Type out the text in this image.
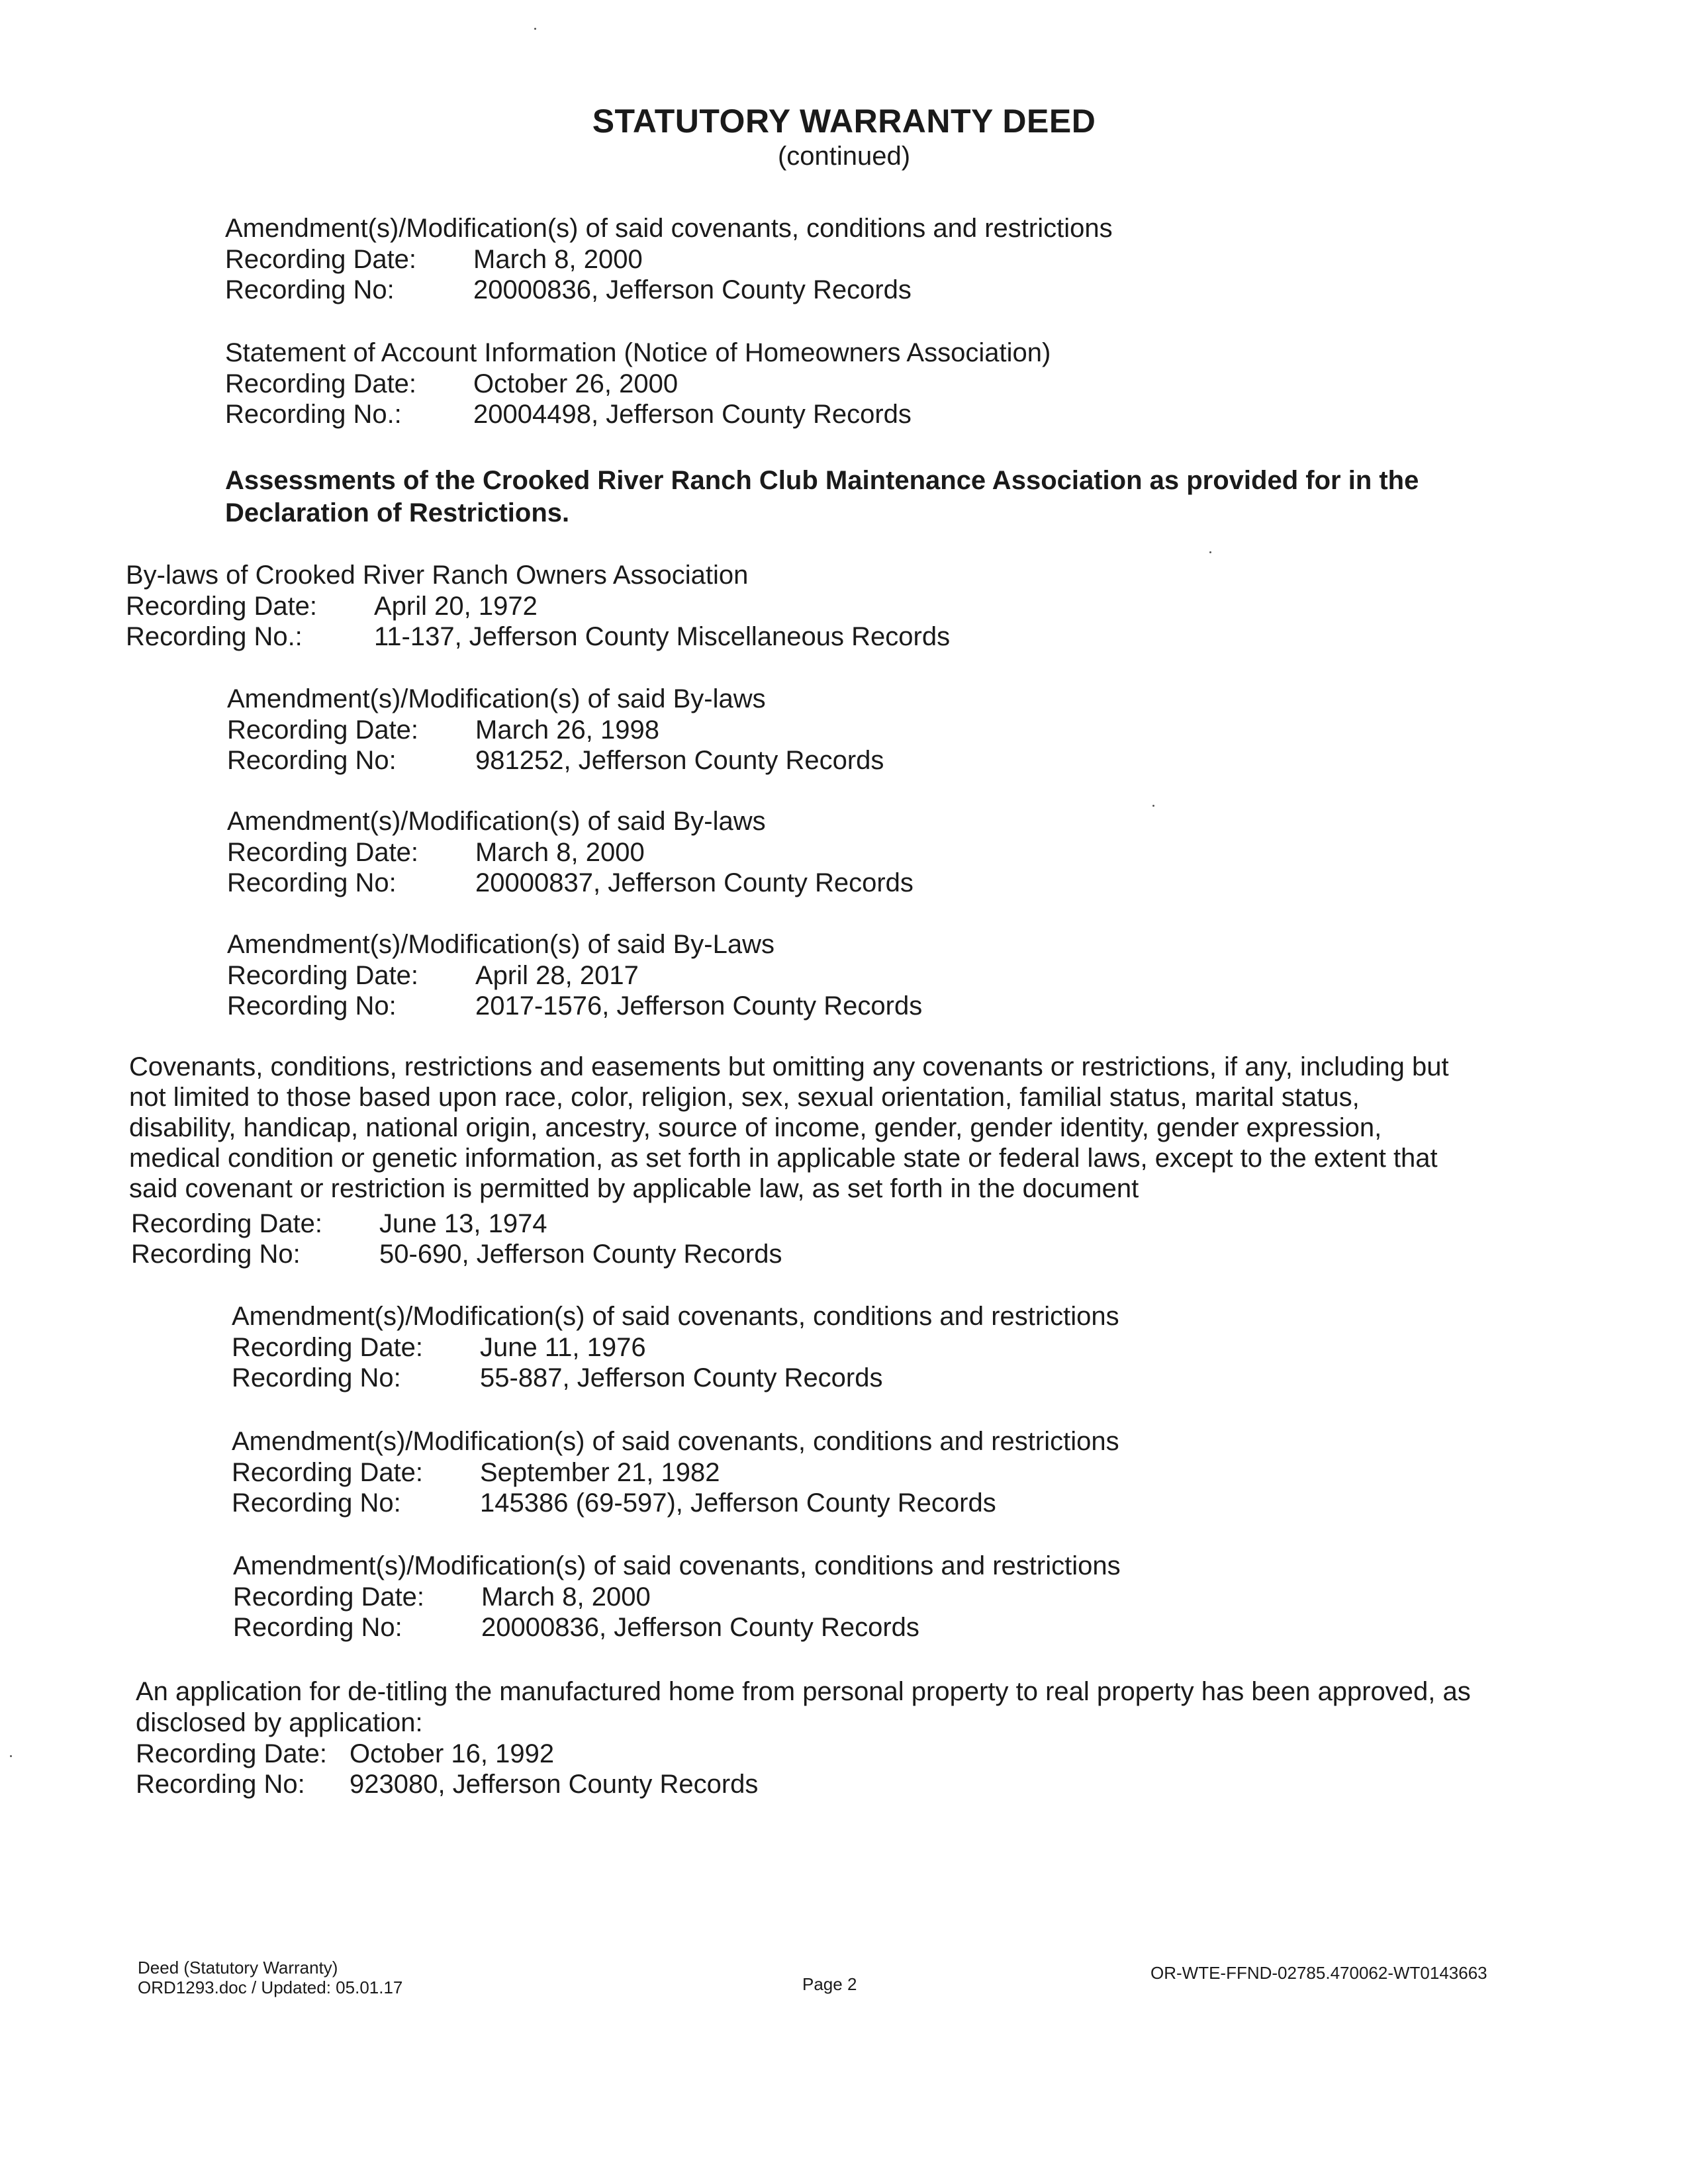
STATUTORY WARRANTY DEED
(continued)
Amendment(s)/Modification(s) of said covenants, conditions and restrictions
Recording Date: March 8, 2000
Recording No:	20000836, Jefferson County Records
Statement of Account Information (Notice of Homeowners Association)
Recording Date: October 26, 2000
Recording No.:	20004498, Jefferson County Records
Assessments of the Crooked River Ranch Club Maintenance Association as provided for in the
Declaration of Restrictions.
By-laws of Crooked River Ranch Owners Association
Recording Date: April 20, 1972
Recording No.:	11-137, Jefferson County Miscellaneous Records
Amendment(s)/Modification(s) of said By-laws
Recording Date: March 26, 1998
Recording No:	981252, Jefferson County Records
Amendment(s)/Modification(s) of said By-laws
Recording Date: March 8, 2000
Recording No:	20000837, Jefferson County Records
Amendment(s)/Modification(s) of said By-Laws
Recording Date: April 28, 2017
Recording No:	2017-1576, Jefferson County Records
Covenants, conditions, restrictions and easements but omitting any covenants or restrictions, if any, including but
not limited to those based upon race, color, religion, sex, sexual orientation, familial status, marital status,
disability, handicap, national origin, ancestry, source of income, gender, gender identity, gender expression,
medical condition or genetic information, as set forth in applicable state or federal laws, except to the extent that
said covenant or restriction is permitted by applicable law, as set forth in the document
Recording Date: June 13, 1974
Recording No:	50-690, Jefferson County Records
Amendment(s)/Modification(s) of said covenants, conditions and restrictions
Recording Date: June 11, 1976
Recording No:	55-887, Jefferson County Records
Amendment(s)/Modification(s) of said covenants, conditions and restrictions
Recording Date: September 21, 1982
Recording No:	145386 (69-597), Jefferson County Records
Amendment(s)/Modification(s) of said covenants, conditions and restrictions
Recording Date: March 8, 2000
Recording No:	20000836, Jefferson County Records
An application for de-titling the manufactured home from personal property to real property has been approved, as
disclosed by application:
Recording Date: October 16, 1992
Recording No: 923080, Jefferson County Records
Deed (Statutory Warranty)
ORD1293.doc / Updated: 05.01.17	Page 2
OR-WTE-FFND-02785.470062-WT0143663
